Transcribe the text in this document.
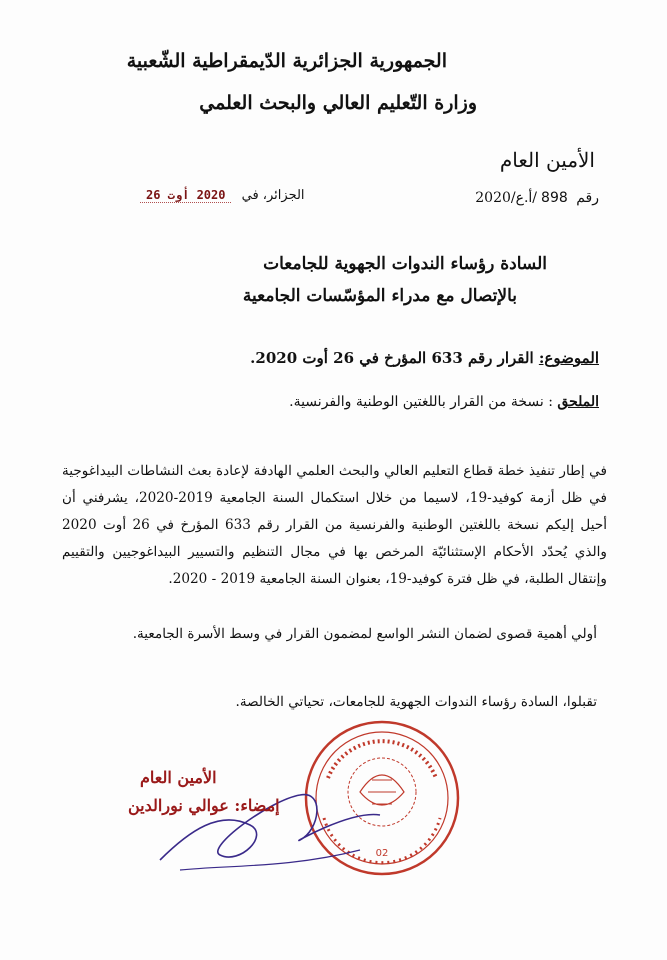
الجمهورية الجزائرية الدّيمقراطية الشّعبية
وزارة التّعليم العالي والبحث العلمي
الأمين العام
رقم 898/أ.ع/2020
الجزائر، في 2020 أوت 26
السادة رؤساء الندوات الجهوية للجامعات
بالإتصال مع مدراء المؤسّسات الجامعية
الموضوع: القرار رقم 633 المؤرخ في 26 أوت 2020.
الملحق : نسخة من القرار باللغتين الوطنية والفرنسية.
في إطار تنفيذ خطة قطاع التعليم العالي والبحث العلمي الهادفة لإعادة بعث النشاطات البيداغوجية في ظل أزمة كوفيد-19، لاسيما من خلال استكمال السنة الجامعية 2019-2020، يشرفني أن أحيل إليكم نسخة باللغتين الوطنية والفرنسية من القرار رقم 633 المؤرخ في 26 أوت 2020 والذي يُحدّد الأحكام الإستثنائيّة المرخص بها في مجال التنظيم والتسيير البيداغوجيين والتقييم وإنتقال الطلبة، في ظل فترة كوفيد-19، بعنوان السنة الجامعية 2019 - 2020.
أولي أهمية قصوى لضمان النشر الواسع لمضمون القرار في وسط الأسرة الجامعية.
تقبلوا، السادة رؤساء الندوات الجهوية للجامعات، تحياتي الخالصة.
02
الأمين العام
إمضاء: عوالي نورالدين
